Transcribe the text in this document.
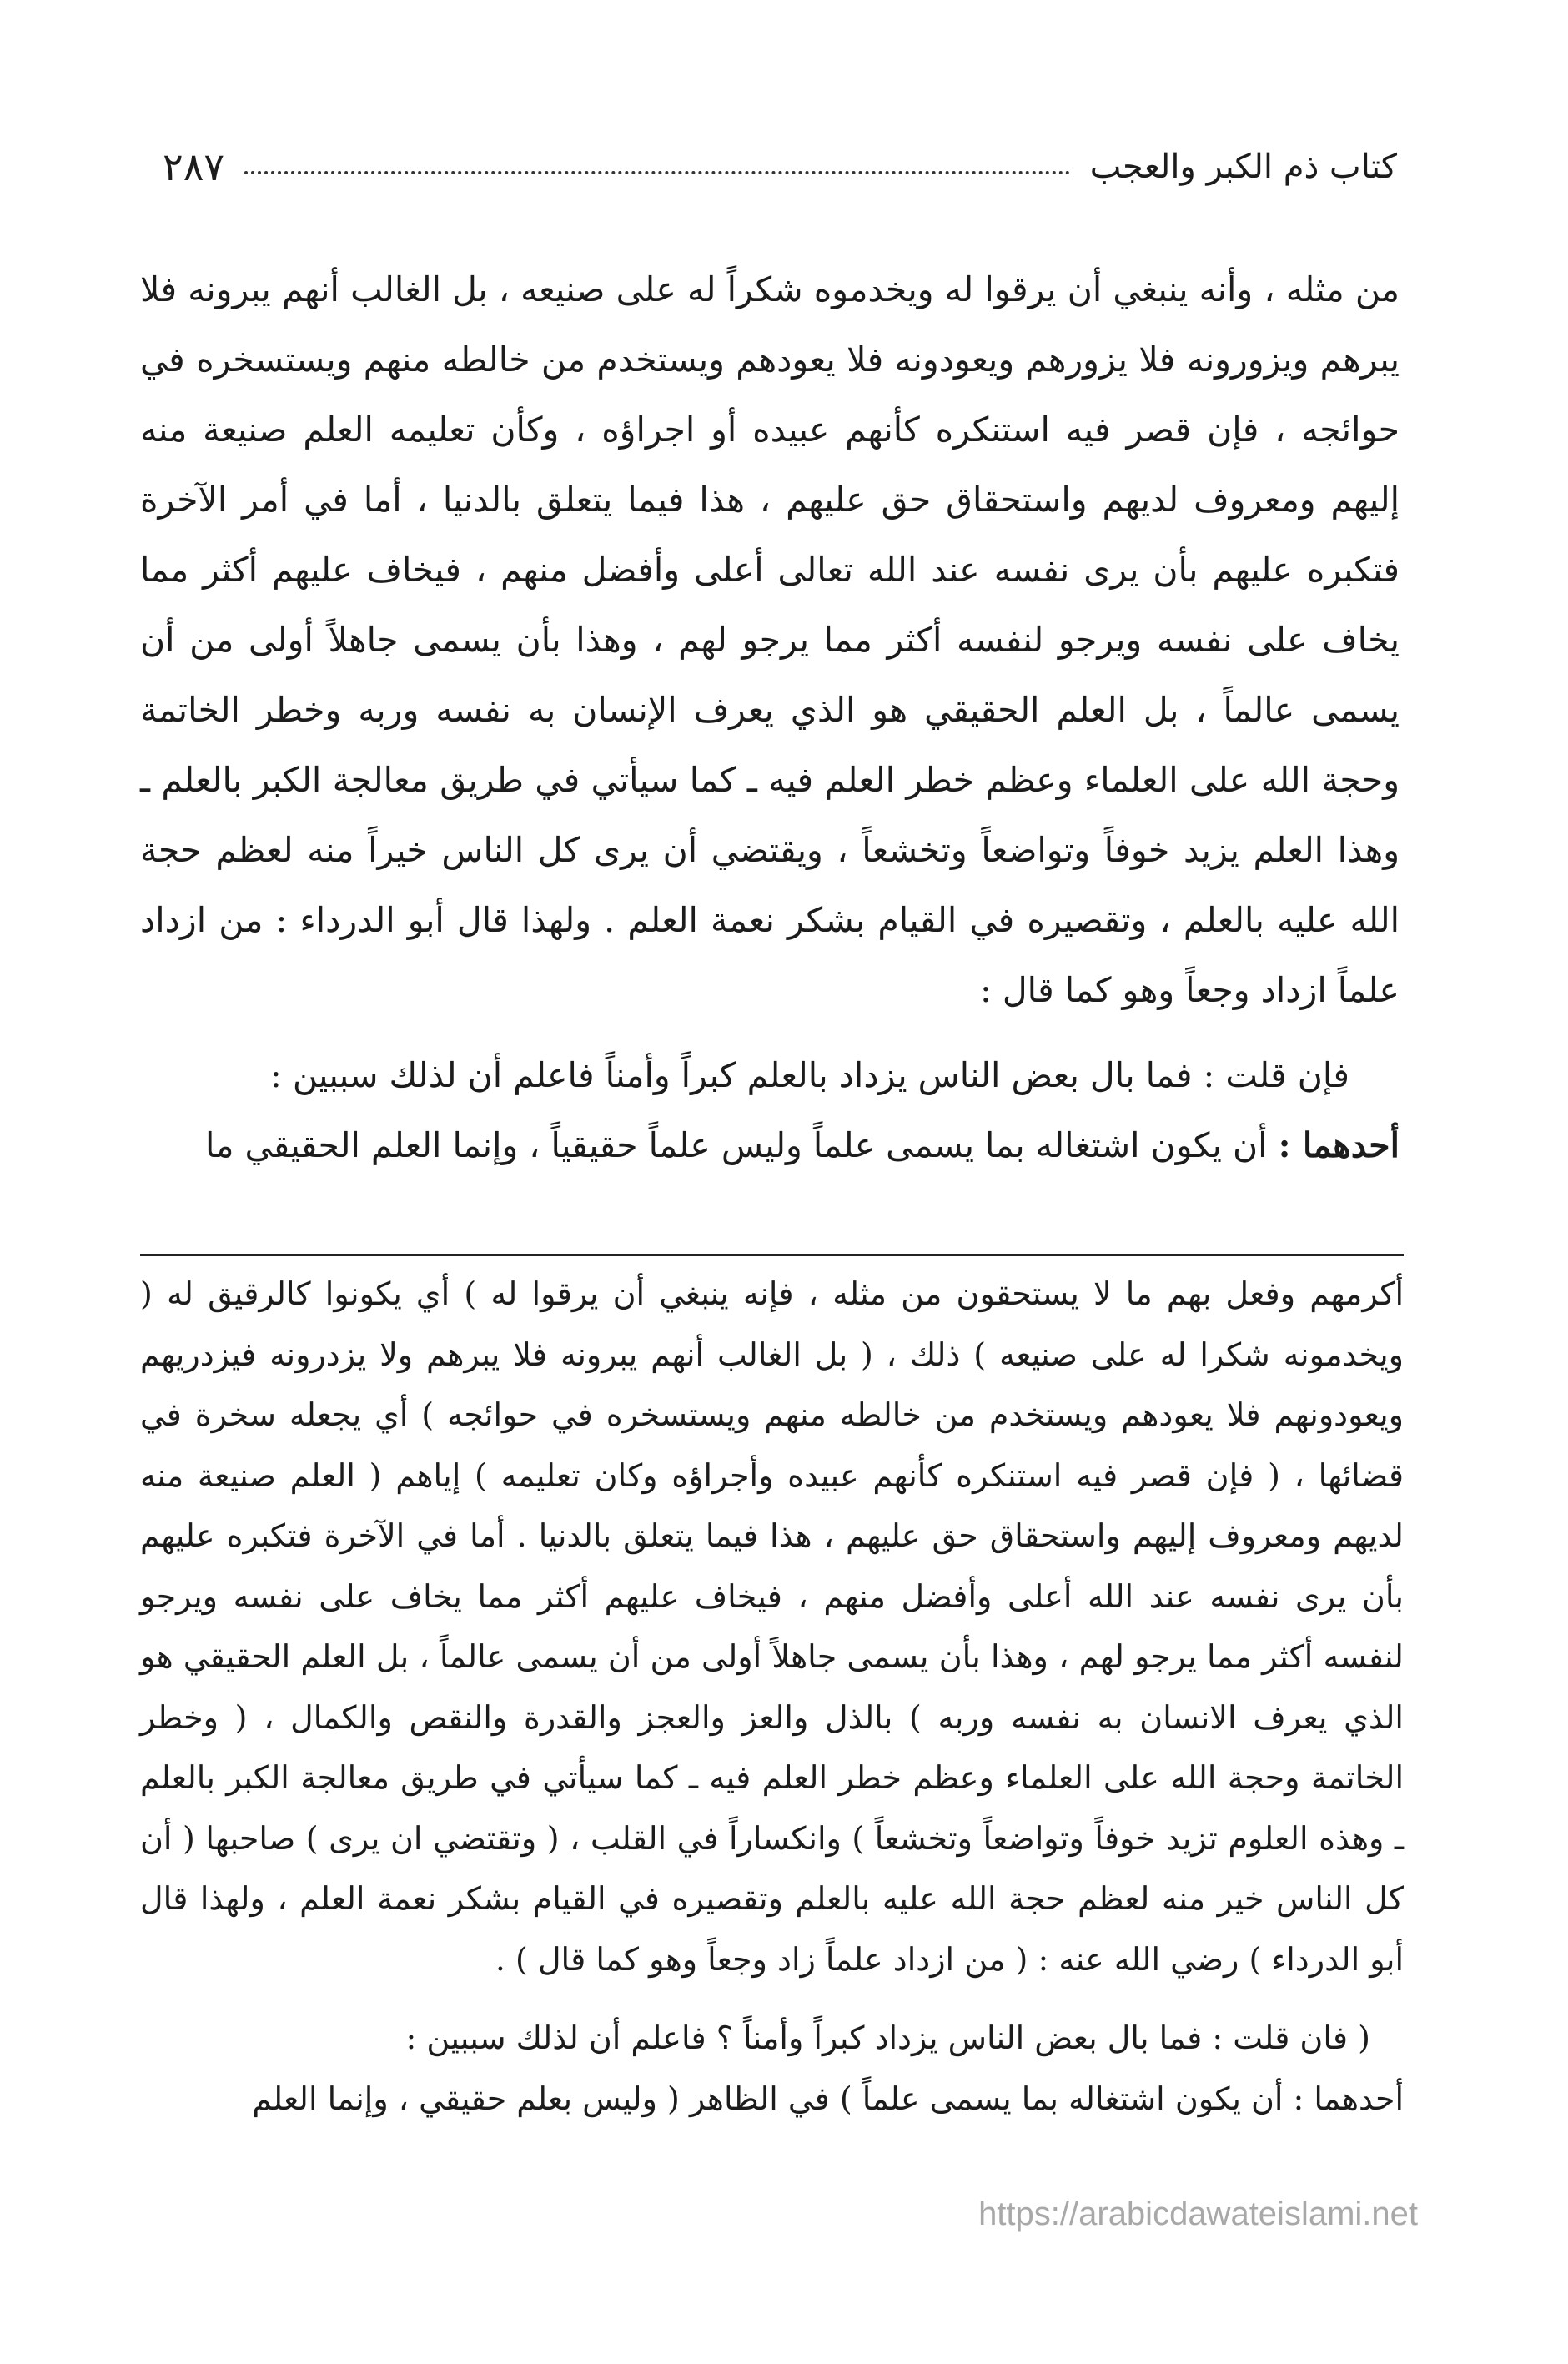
كتاب ذم الكبر والعجب
٢٨٧

من مثله ، وأنه ينبغي أن يرقوا له ويخدموه شكراً له على صنيعه ، بل الغالب أنهم يبرونه فلا يبرهم ويزورونه فلا يزورهم ويعودونه فلا يعودهم ويستخدم من خالطه منهم ويستسخره في حوائجه ، فإن قصر فيه استنكره كأنهم عبيده أو اجراؤه ، وكأن تعليمه العلم صنيعة منه إليهم ومعروف لديهم واستحقاق حق عليهم ، هذا فيما يتعلق بالدنيا ، أما في أمر الآخرة فتكبره عليهم بأن يرى نفسه عند الله تعالى أعلى وأفضل منهم ، فيخاف عليهم أكثر مما يخاف على نفسه ويرجو لنفسه أكثر مما يرجو لهم ، وهذا بأن يسمى جاهلاً أولى من أن يسمى عالماً ، بل العلم الحقيقي هو الذي يعرف الإنسان به نفسه وربه وخطر الخاتمة وحجة الله على العلماء وعظم خطر العلم فيه ـ كما سيأتي في طريق معالجة الكبر بالعلم ـ وهذا العلم يزيد خوفاً وتواضعاً وتخشعاً ، ويقتضي أن يرى كل الناس خيراً منه لعظم حجة الله عليه بالعلم ، وتقصيره في القيام بشكر نعمة العلم . ولهذا قال أبو الدرداء : من ازداد علماً ازداد وجعاً وهو كما قال :

فإن قلت : فما بال بعض الناس يزداد بالعلم كبراً وأمناً فاعلم أن لذلك سببين :

أحدهما : أن يكون اشتغاله بما يسمى علماً وليس علماً حقيقياً ، وإنما العلم الحقيقي ما

أكرمهم وفعل بهم ما لا يستحقون من مثله ، فإنه ينبغي أن يرقوا له ) أي يكونوا كالرقيق له ( ويخدمونه شكرا له على صنيعه ) ذلك ، ( بل الغالب أنهم يبرونه فلا يبرهم ولا يزدرونه فيزدريهم ويعودونهم فلا يعودهم ويستخدم من خالطه منهم ويستسخره في حوائجه ) أي يجعله سخرة في قضائها ، ( فإن قصر فيه استنكره كأنهم عبيده وأجراؤه وكان تعليمه ) إياهم ( العلم صنيعة منه لديهم ومعروف إليهم واستحقاق حق عليهم ، هذا فيما يتعلق بالدنيا . أما في الآخرة فتكبره عليهم بأن يرى نفسه عند الله أعلى وأفضل منهم ، فيخاف عليهم أكثر مما يخاف على نفسه ويرجو لنفسه أكثر مما يرجو لهم ، وهذا بأن يسمى جاهلاً أولى من أن يسمى عالماً ، بل العلم الحقيقي هو الذي يعرف الانسان به نفسه وربه ) بالذل والعز والعجز والقدرة والنقص والكمال ، ( وخطر الخاتمة وحجة الله على العلماء وعظم خطر العلم فيه ـ كما سيأتي في طريق معالجة الكبر بالعلم ـ وهذه العلوم تزيد خوفاً وتواضعاً وتخشعاً ) وانكساراً في القلب ، ( وتقتضي ان يرى ) صاحبها ( أن كل الناس خير منه لعظم حجة الله عليه بالعلم وتقصيره في القيام بشكر نعمة العلم ، ولهذا قال أبو الدرداء ) رضي الله عنه : ( من ازداد علماً زاد وجعاً وهو كما قال ) .

( فان قلت : فما بال بعض الناس يزداد كبراً وأمناً ؟ فاعلم أن لذلك سببين :

أحدهما : أن يكون اشتغاله بما يسمى علماً ) في الظاهر ( وليس بعلم حقيقي ، وإنما العلم

https://arabicdawateislami.net
